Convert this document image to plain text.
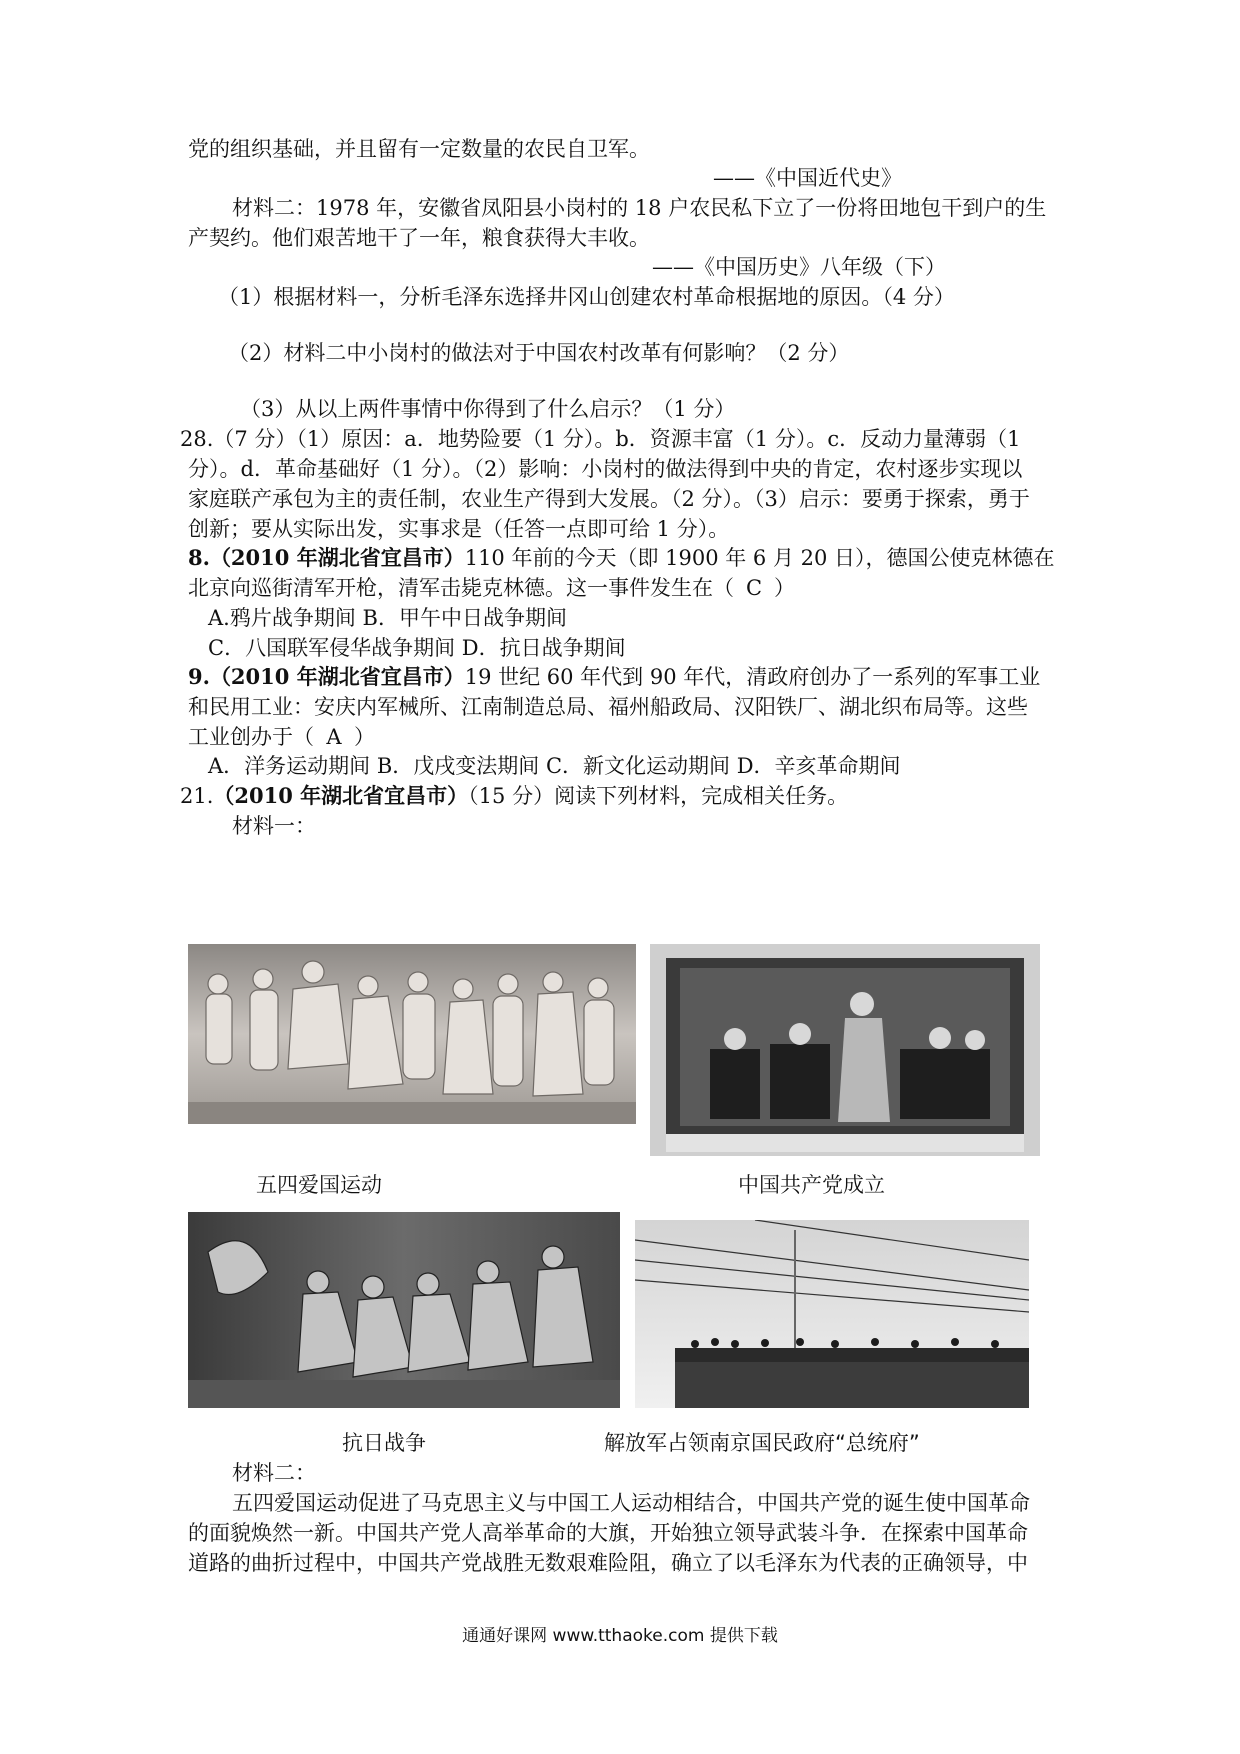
党的组织基础，并且留有一定数量的农民自卫军。
——《中国近代史》
材料二：1978 年，安徽省凤阳县小岗村的 18 户农民私下立了一份将田地包干到户的生
产契约。他们艰苦地干了一年，粮食获得大丰收。
——《中国历史》八年级（下）
（1）根据材料一，分析毛泽东选择井冈山创建农村革命根据地的原因。（4 分）
（2）材料二中小岗村的做法对于中国农村改革有何影响？（2 分）
（3）从以上两件事情中你得到了什么启示？（1 分）
28.（7 分）（1）原因：a．地势险要（1 分）。b．资源丰富（1 分）。c．反动力量薄弱（1
分）。d．革命基础好（1 分）。（2）影响：小岗村的做法得到中央的肯定，农村逐步实现以
家庭联产承包为主的责任制，农业生产得到大发展。（2 分）。（3）启示：要勇于探索，勇于
创新；要从实际出发，实事求是（任答一点即可给 1 分）。
8.（2010 年湖北省宜昌市）110 年前的今天（即 1900 年 6 月 20 日），德国公使克林德在
北京向巡街清军开枪，清军击毙克林德。这一事件发生在（ C ）
A.鸦片战争期间 B．甲午中日战争期间
C．八国联军侵华战争期间 D．抗日战争期间
9.（2010 年湖北省宜昌市）19 世纪 60 年代到 90 年代，清政府创办了一系列的军事工业
和民用工业：安庆内军械所、江南制造总局、福州船政局、汉阳铁厂、湖北织布局等。这些
工业创办于（ A ）
A．洋务运动期间 B．戊戌变法期间 C．新文化运动期间 D．辛亥革命期间
21.（2010 年湖北省宜昌市）（15 分）阅读下列材料，完成相关任务。
材料一：
五四爱国运动	中国共产党成立
抗日战争	解放军占领南京国民政府“总统府”
材料二：
五四爱国运动促进了马克思主义与中国工人运动相结合，中国共产党的诞生使中国革命
的面貌焕然一新。中国共产党人高举革命的大旗，开始独立领导武装斗争．在探索中国革命
道路的曲折过程中，中国共产党战胜无数艰难险阻，确立了以毛泽东为代表的正确领导，中
通通好课网 www.tthaoke.com 提供下载
